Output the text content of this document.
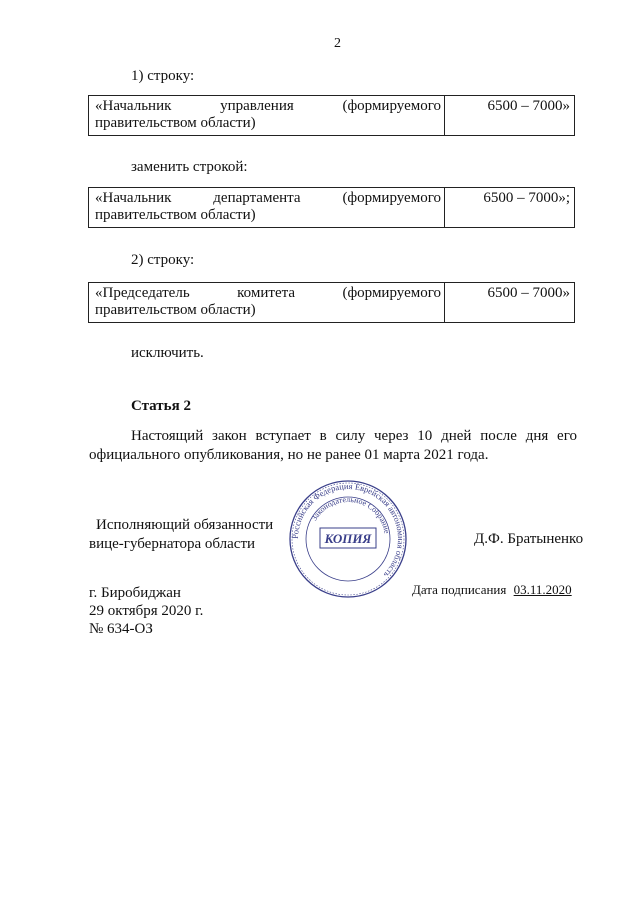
2
1) строку:
«Начальник	управления	(формируемого
правительством области)
6500 – 7000»
заменить строкой:
«Начальник	департамента	(формируемого
правительством области)
6500 – 7000»;
2) строку:
«Председатель	комитета	(формируемого
правительством области)
6500 – 7000»
исключить.
Статья 2
Настоящий закон вступает в силу через 10 дней после дня его
официального опубликования, но не ранее 01 марта 2021 года.
Исполняющий обязанности
вице-губернатора области	Российская Федерация Еврейская автономная область
Законодательное Собрание
КОПИЯ	Д.Ф. Братыненко
г. Биробиджан
29 октября 2020 г.
№ 634-ОЗ
Дата подписания 03.11.2020
